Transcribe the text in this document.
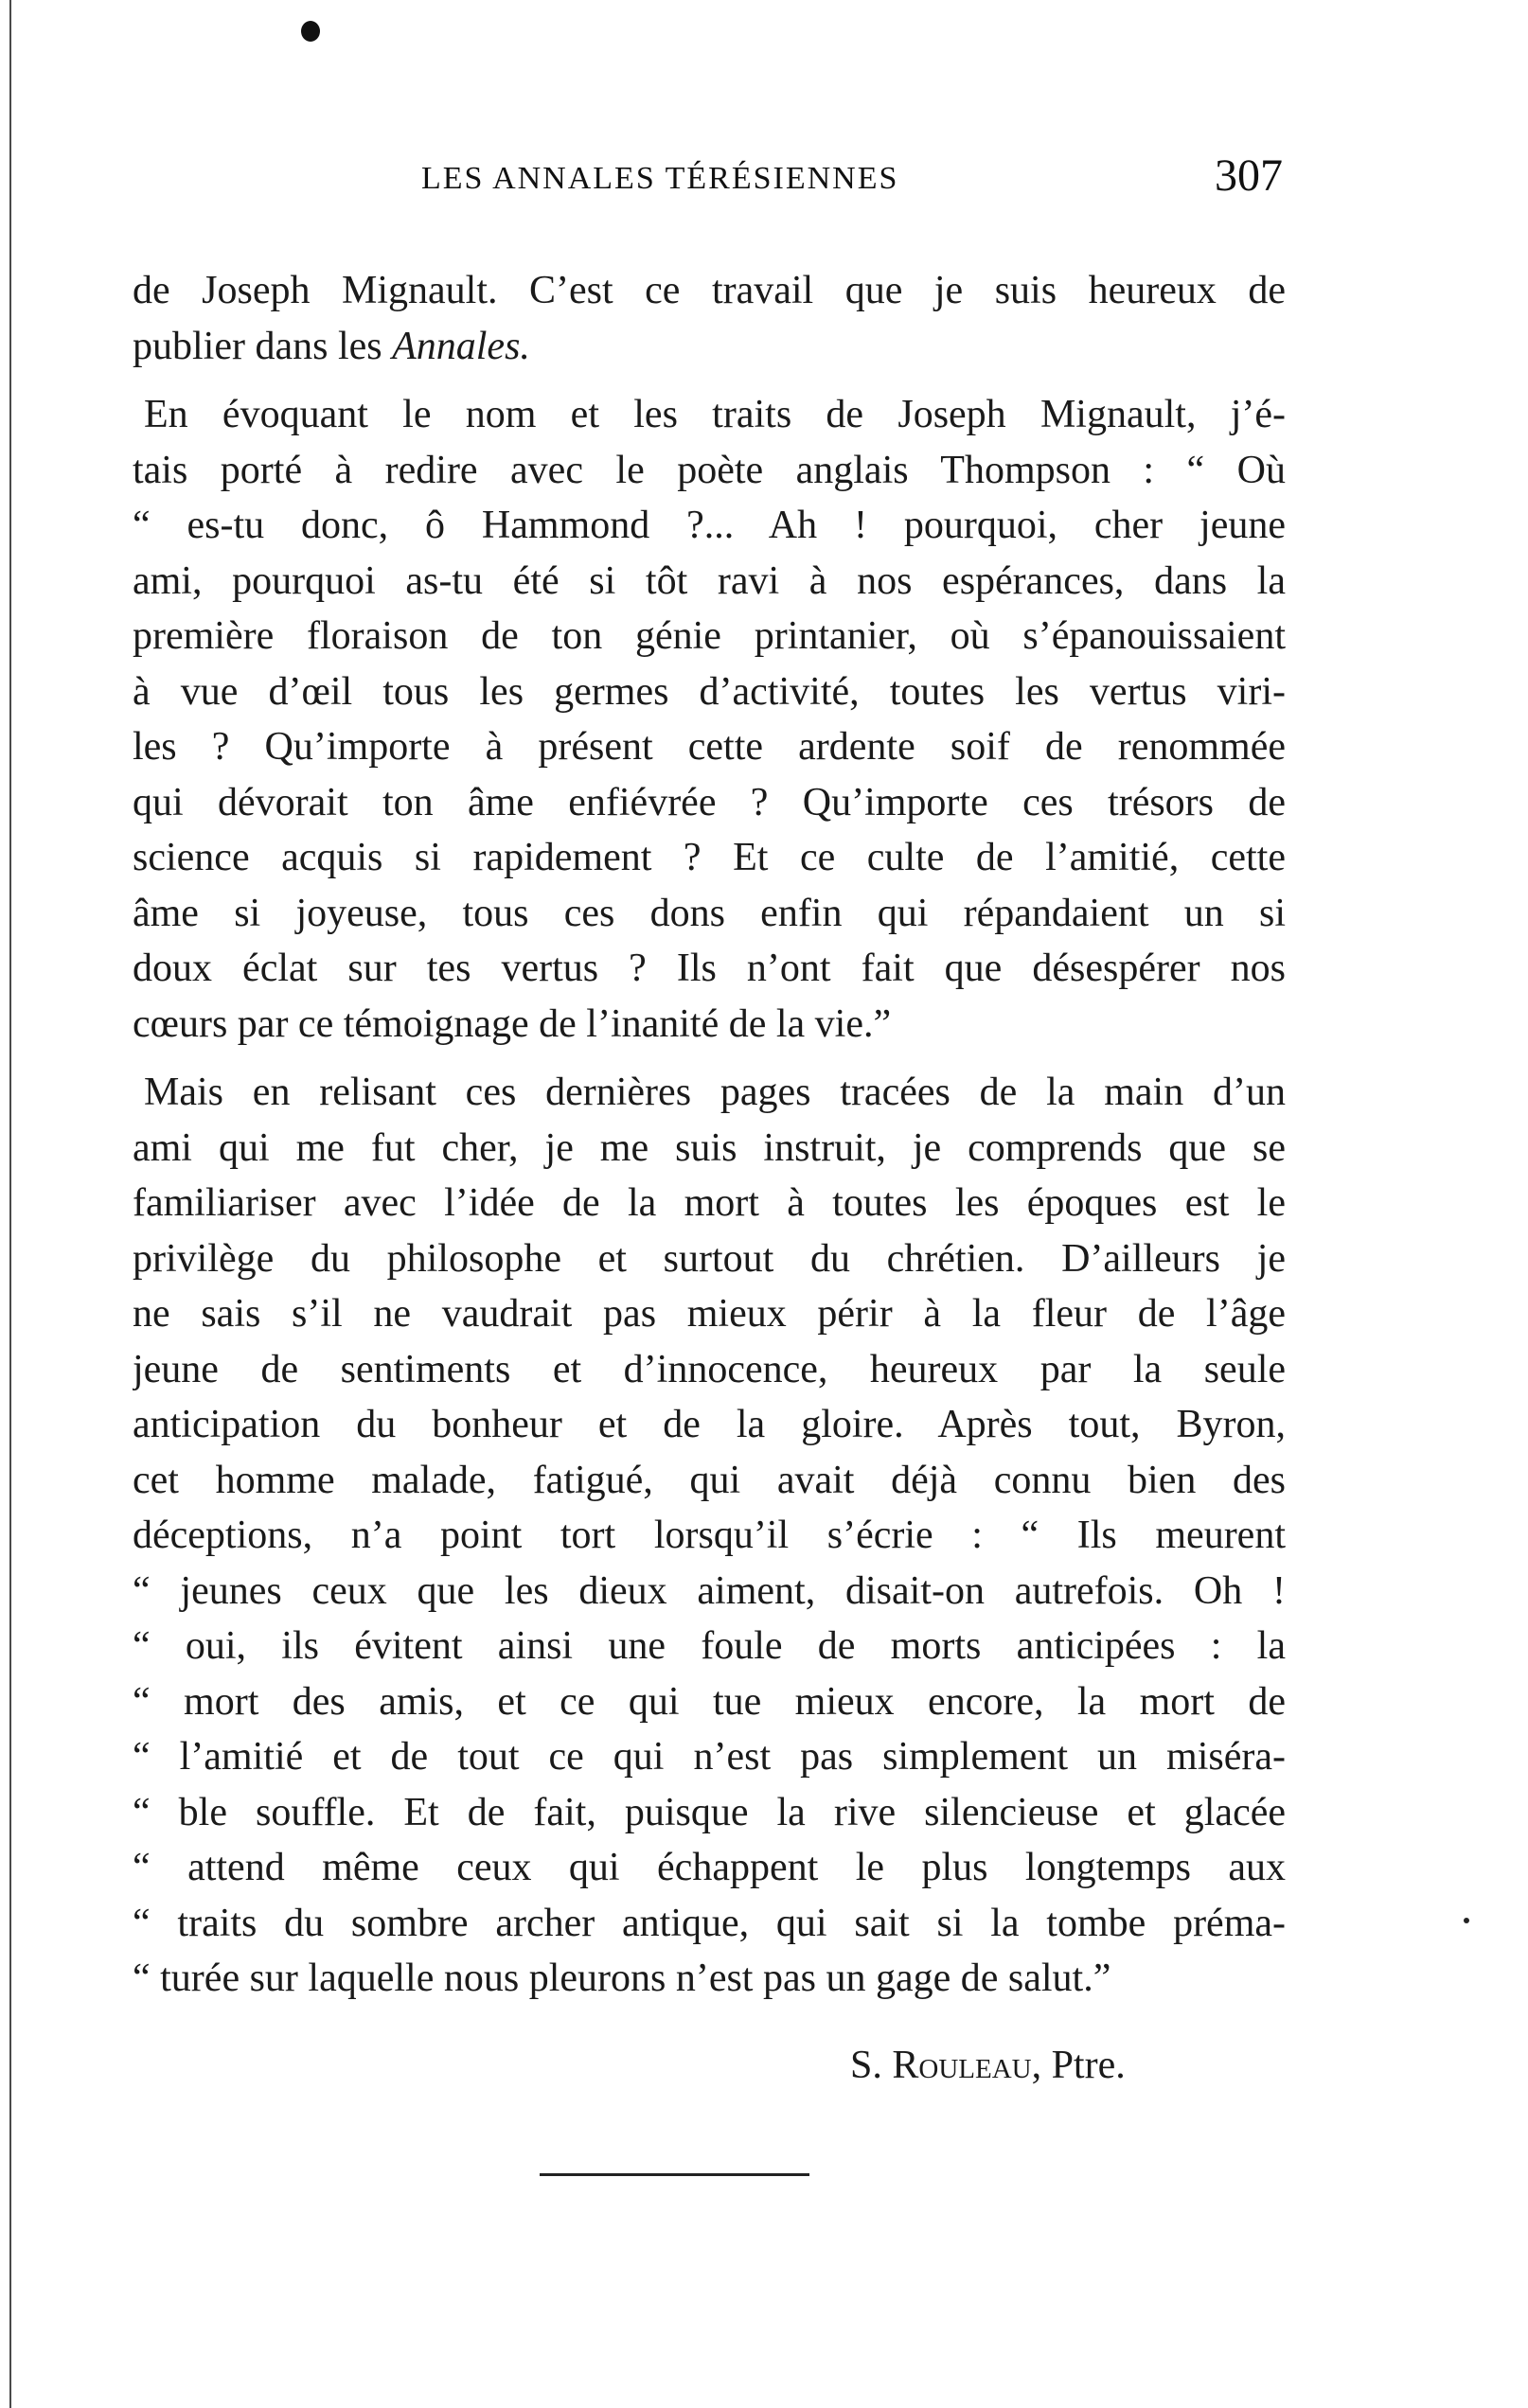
LES ANNALES TÉRÉSIENNES	307
de Joseph Mignault. C’est ce travail que je suis heureux de
publier dans les Annales.
En évoquant le nom et les traits de Joseph Mignault, j’é-
tais porté à redire avec le poète anglais Thompson : “ Où
“ es-tu donc, ô Hammond ?... Ah ! pourquoi, cher jeune
ami, pourquoi as-tu été si tôt ravi à nos espérances, dans la
première floraison de ton génie printanier, où s’épanouissaient
à vue d’œil tous les germes d’activité, toutes les vertus viri-
les ? Qu’importe à présent cette ardente soif de renommée
qui dévorait ton âme enfiévrée ? Qu’importe ces trésors de
science acquis si rapidement ? Et ce culte de l’amitié, cette
âme si joyeuse, tous ces dons enfin qui répandaient un si
doux éclat sur tes vertus ? Ils n’ont fait que désespérer nos
cœurs par ce témoignage de l’inanité de la vie.”
Mais en relisant ces dernières pages tracées de la main d’un
ami qui me fut cher, je me suis instruit, je comprends que se
familiariser avec l’idée de la mort à toutes les époques est le
privilège du philosophe et surtout du chrétien. D’ailleurs je
ne sais s’il ne vaudrait pas mieux périr à la fleur de l’âge
jeune de sentiments et d’innocence, heureux par la seule
anticipation du bonheur et de la gloire. Après tout, Byron,
cet homme malade, fatigué, qui avait déjà connu bien des
déceptions, n’a point tort lorsqu’il s’écrie : “ Ils meurent
“ jeunes ceux que les dieux aiment, disait-on autrefois. Oh !
“ oui, ils évitent ainsi une foule de morts anticipées : la
“ mort des amis, et ce qui tue mieux encore, la mort de
“ l’amitié et de tout ce qui n’est pas simplement un miséra-
“ ble souffle. Et de fait, puisque la rive silencieuse et glacée
“ attend même ceux qui échappent le plus longtemps aux
“ traits du sombre archer antique, qui sait si la tombe préma-
“ turée sur laquelle nous pleurons n’est pas un gage de salut.”
S. Rouleau, Ptre.
